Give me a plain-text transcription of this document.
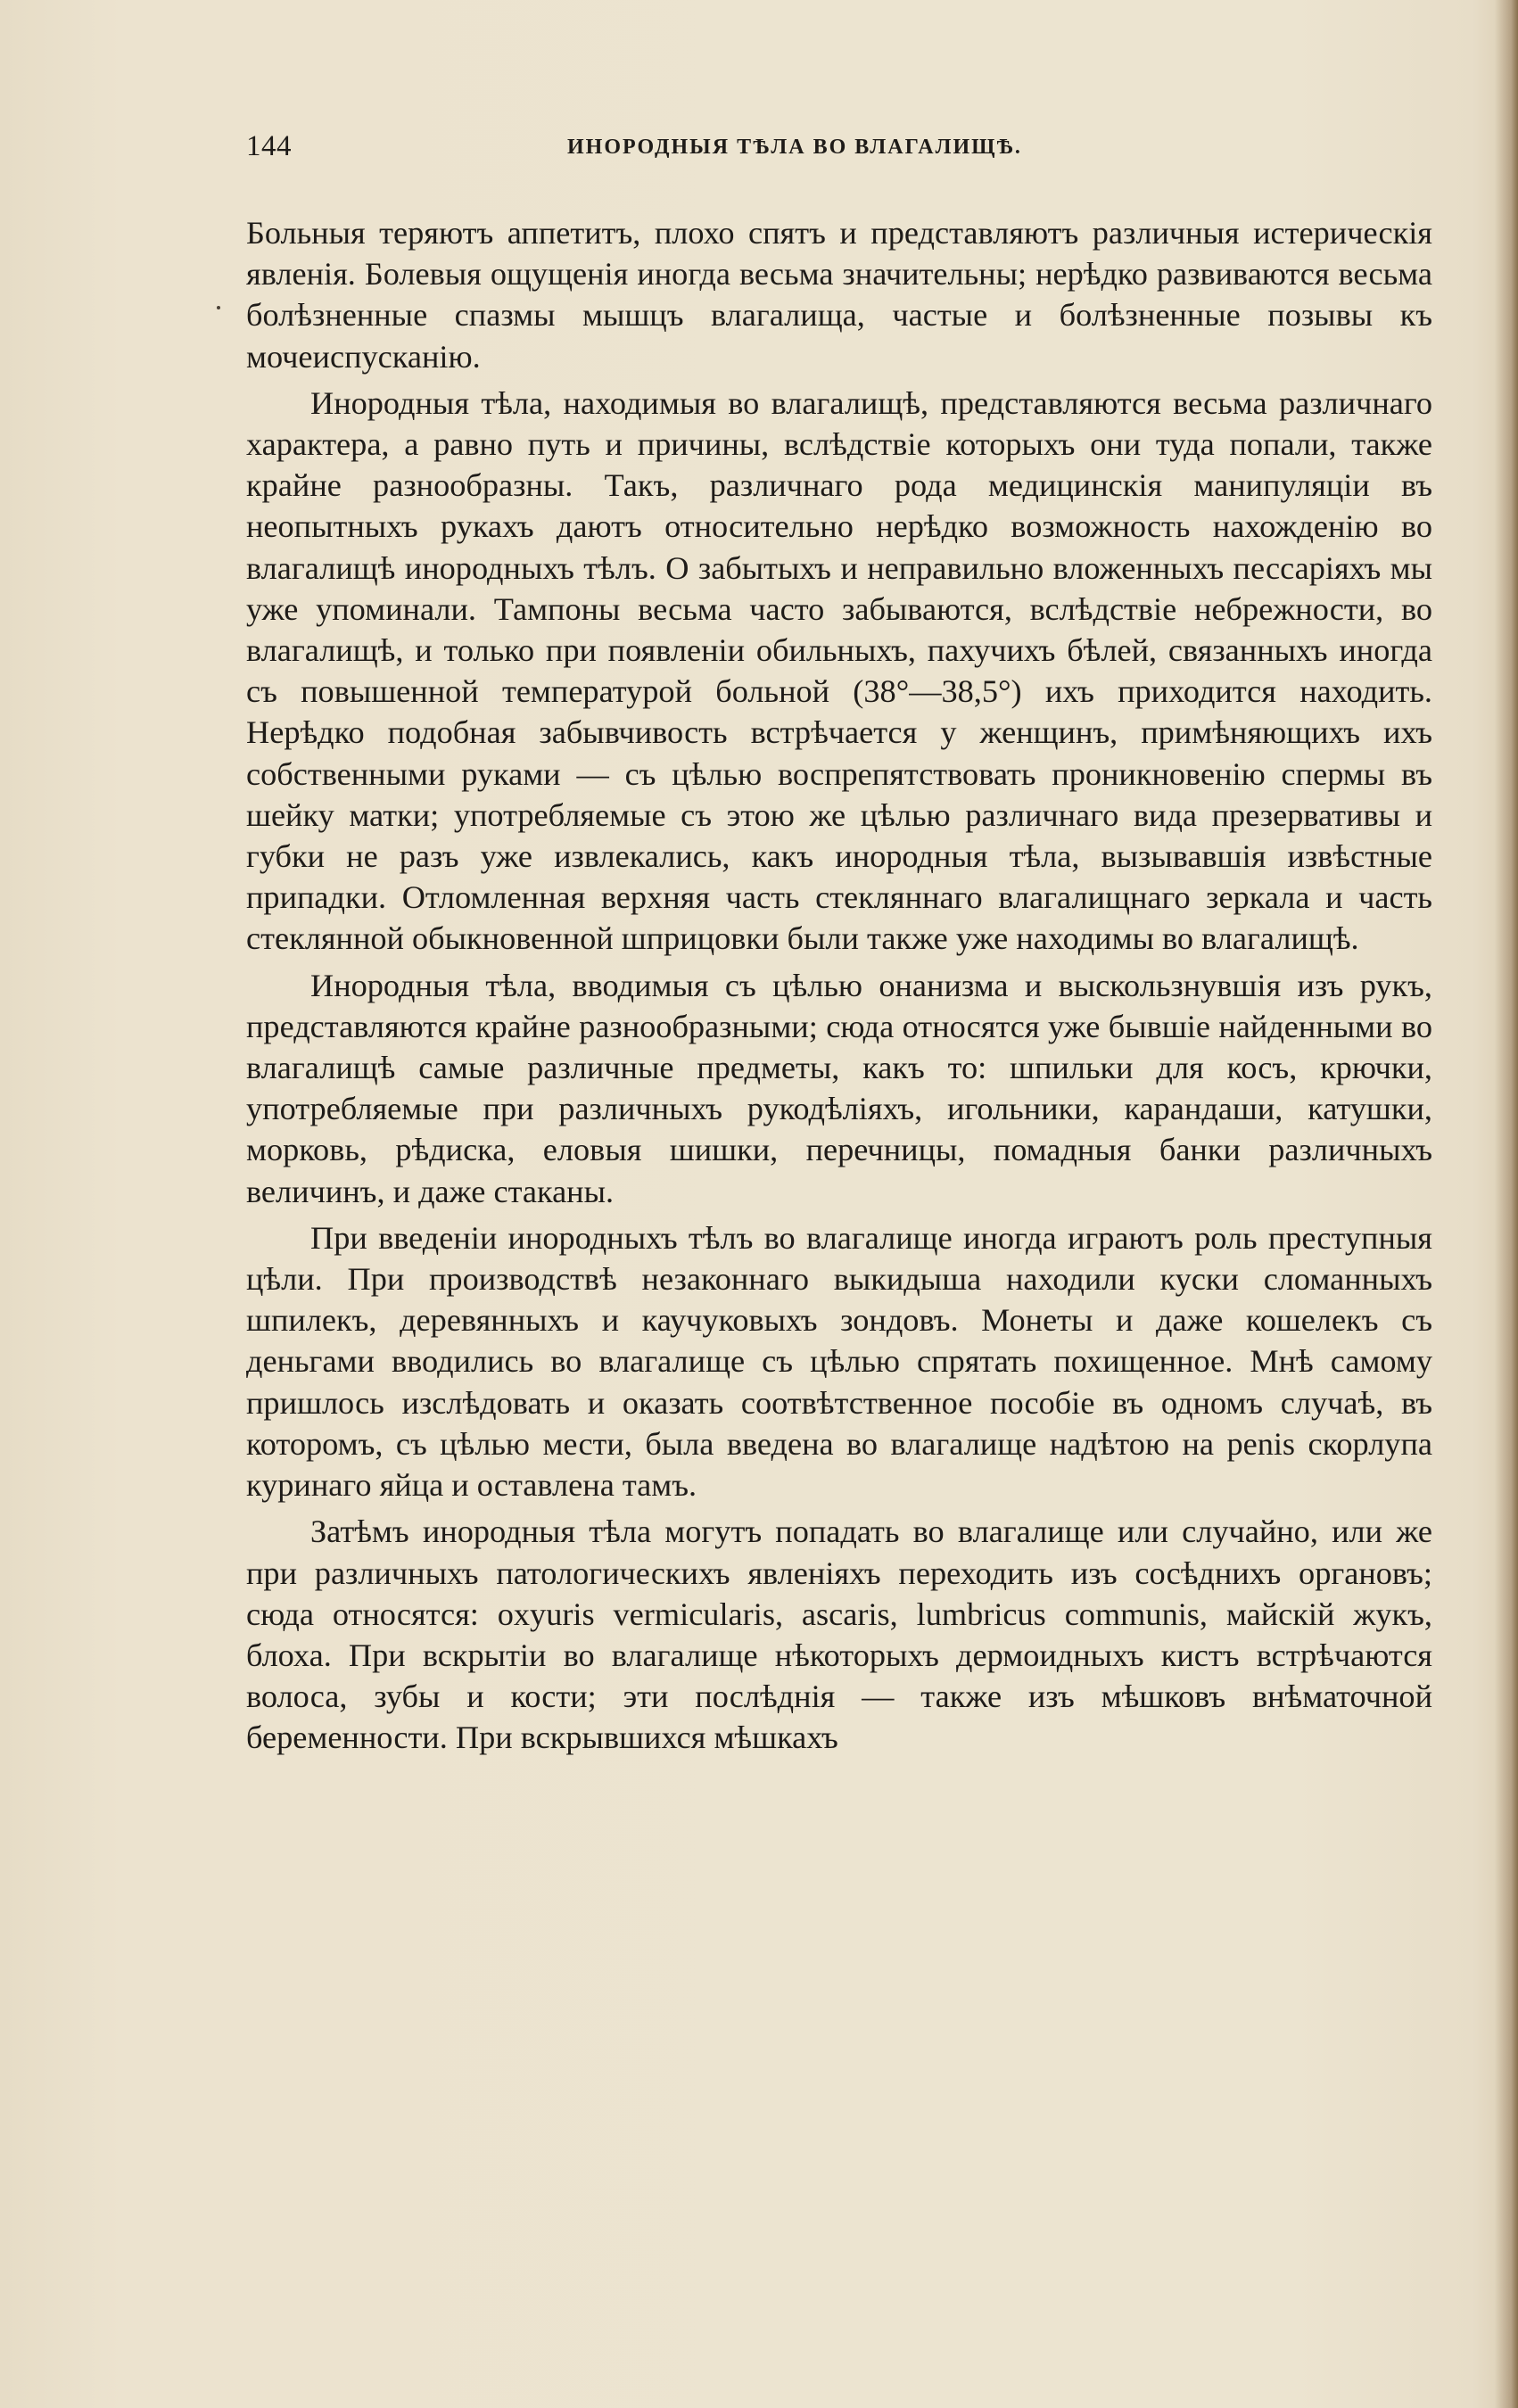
144	ИНОРОДНЫЯ ТѢЛА ВО ВЛАГАЛИЩѢ.

Больныя теряютъ аппетитъ, плохо спятъ и представляютъ различныя истерическія явленія. Болевыя ощущенія иногда весьма значительны; нерѣдко развиваются весьма болѣзненные спазмы мышцъ влагалища, частые и болѣзненные позывы къ мочеиспусканію.

Инородныя тѣла, находимыя во влагалищѣ, представляются весьма различнаго характера, а равно путь и причины, вслѣдствіе которыхъ они туда попали, также крайне разнообразны. Такъ, различнаго рода медицинскія манипуляціи въ неопытныхъ рукахъ даютъ относительно нерѣдко возможность нахожденію во влагалищѣ инородныхъ тѣлъ. О забытыхъ и неправильно вложенныхъ пессаріяхъ мы уже упоминали. Тампоны весьма часто забываются, вслѣдствіе небрежности, во влагалищѣ, и только при появленіи обильныхъ, пахучихъ бѣлей, связанныхъ иногда съ повышенной температурой больной (38°—38,5°) ихъ приходится находить. Нерѣдко подобная забывчивость встрѣчается у женщинъ, примѣняющихъ ихъ собственными руками — съ цѣлью воспрепятствовать проникновенію спермы въ шейку матки; употребляемые съ этою же цѣлью различнаго вида презервативы и губки не разъ уже извлекались, какъ инородныя тѣла, вызывавшія извѣстные припадки. Отломленная верхняя часть стекляннаго влагалищнаго зеркала и часть стеклянной обыкновенной шприцовки были также уже находимы во влагалищѣ.

Инородныя тѣла, вводимыя съ цѣлью онанизма и выскользнувшія изъ рукъ, представляются крайне разнообразными; сюда относятся уже бывшіе найденными во влагалищѣ самые различные предметы, какъ то: шпильки для косъ, крючки, употребляемые при различныхъ рукодѣліяхъ, игольники, карандаши, катушки, морковь, рѣдиска, еловыя шишки, перечницы, помадныя банки различныхъ величинъ, и даже стаканы.

При введеніи инородныхъ тѣлъ во влагалище иногда играютъ роль преступныя цѣли. При производствѣ незаконнаго выкидыша находили куски сломанныхъ шпилекъ, деревянныхъ и каучуковыхъ зондовъ. Монеты и даже кошелекъ съ деньгами вводились во влагалище съ цѣлью спрятать похищенное. Мнѣ самому пришлось изслѣдовать и оказать соотвѣтственное пособіе въ одномъ случаѣ, въ которомъ, съ цѣлью мести, была введена во влагалище надѣтою на penis скорлупа куринаго яйца и оставлена тамъ.

Затѣмъ инородныя тѣла могутъ попадать во влагалище или случайно, или же при различныхъ патологическихъ явленіяхъ переходить изъ сосѣднихъ органовъ; сюда относятся: oxyuris vermicularis, ascaris, lumbricus communis, майскій жукъ, блоха. При вскрытіи во влагалище нѣкоторыхъ дермоидныхъ кистъ встрѣчаются волоса, зубы и кости; эти послѣднія — также изъ мѣшковъ внѣматочной беременности. При вскрывшихся мѣшкахъ
